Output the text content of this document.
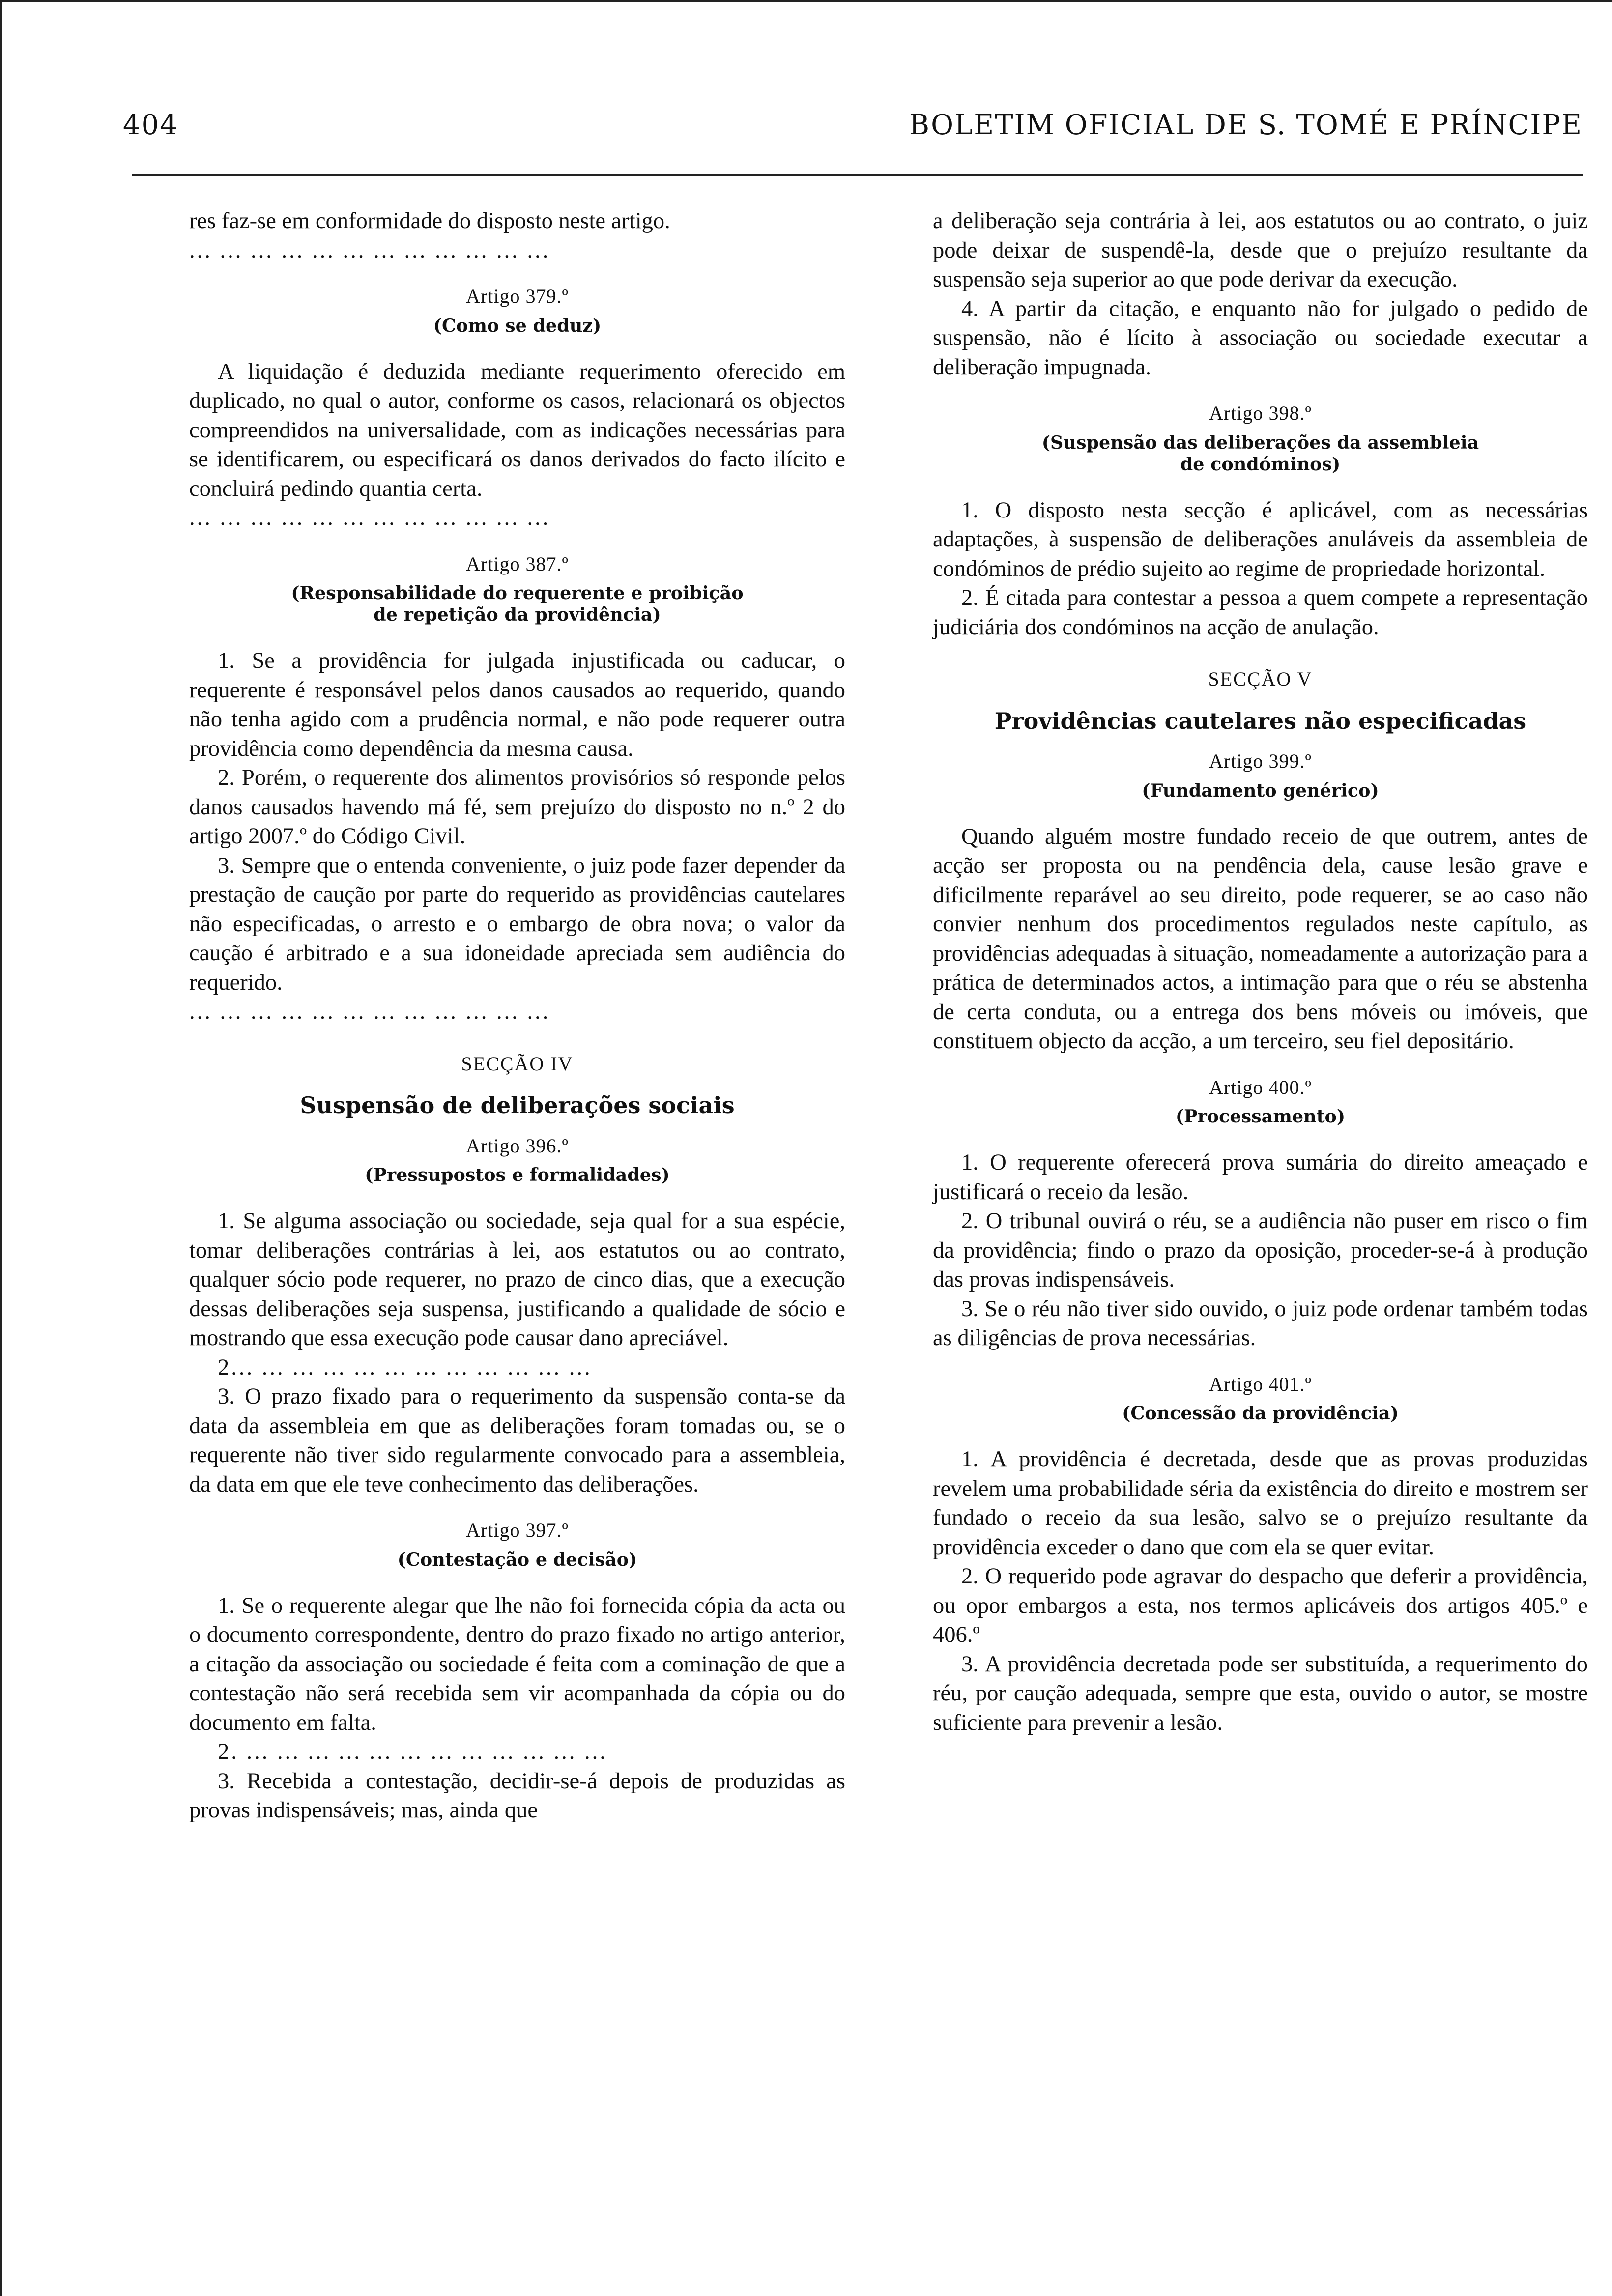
404	BOLETIM OFICIAL DE S. TOMÉ E PRÍNCIPE

res faz-se em conformidade do disposto neste artigo.

... ... ... ... ... ... ... ... ... ... ... ...

Artigo 379.º
(Como se deduz)

A liquidação é deduzida mediante requerimento oferecido em duplicado, no qual o autor, conforme os casos, relacionará os objectos compreendidos na universalidade, com as indicações necessárias para se identificarem, ou especificará os danos derivados do facto ilícito e concluirá pedindo quantia certa.

... ... ... ... ... ... ... ... ... ... ... ...

Artigo 387.º
(Responsabilidade do requerente e proibição
de repetição da providência)

1. Se a providência for julgada injustificada ou caducar, o requerente é responsável pelos danos causados ao requerido, quando não tenha agido com a prudência normal, e não pode requerer outra providência como dependência da mesma causa.

2. Porém, o requerente dos alimentos provisórios só responde pelos danos causados havendo má fé, sem prejuízo do disposto no n.º 2 do artigo 2007.º do Código Civil.

3. Sempre que o entenda conveniente, o juiz pode fazer depender da prestação de caução por parte do requerido as providências cautelares não especificadas, o arresto e o embargo de obra nova; o valor da caução é arbitrado e a sua idoneidade apreciada sem audiência do requerido.

... ... ... ... ... ... ... ... ... ... ... ...

SECÇÃO IV
Suspensão de deliberações sociais
Artigo 396.º
(Pressupostos e formalidades)

1. Se alguma associação ou sociedade, seja qual for a sua espécie, tomar deliberações contrárias à lei, aos estatutos ou ao contrato, qualquer sócio pode requerer, no prazo de cinco dias, que a execução dessas deliberações seja suspensa, justificando a qualidade de sócio e mostrando que essa execução pode causar dano apreciável.

2... ... ... ... ... ... ... ... ... ... ... ...

3. O prazo fixado para o requerimento da suspensão conta-se da data da assembleia em que as deliberações foram tomadas ou, se o requerente não tiver sido regularmente convocado para a assembleia, da data em que ele teve conhecimento das deliberações.

Artigo 397.º
(Contestação e decisão)

1. Se o requerente alegar que lhe não foi fornecida cópia da acta ou o documento correspondente, dentro do prazo fixado no artigo anterior, a citação da associação ou sociedade é feita com a cominação de que a contestação não será recebida sem vir acompanhada da cópia ou do documento em falta.

2. ... ... ... ... ... ... ... ... ... ... ... ...

3. Recebida a contestação, decidir-se-á depois de produzidas as provas indispensáveis; mas, ainda que

a deliberação seja contrária à lei, aos estatutos ou ao contrato, o juiz pode deixar de suspendê-la, desde que o prejuízo resultante da suspensão seja superior ao que pode derivar da execução.

4. A partir da citação, e enquanto não for julgado o pedido de suspensão, não é lícito à associação ou sociedade executar a deliberação impugnada.

Artigo 398.º
(Suspensão das deliberações da assembleia
de condóminos)

1. O disposto nesta secção é aplicável, com as necessárias adaptações, à suspensão de deliberações anuláveis da assembleia de condóminos de prédio sujeito ao regime de propriedade horizontal.

2. É citada para contestar a pessoa a quem compete a representação judiciária dos condóminos na acção de anulação.

SECÇÃO V
Providências cautelares não especificadas
Artigo 399.º
(Fundamento genérico)

Quando alguém mostre fundado receio de que outrem, antes de acção ser proposta ou na pendência dela, cause lesão grave e dificilmente reparável ao seu direito, pode requerer, se ao caso não convier nenhum dos procedimentos regulados neste capítulo, as providências adequadas à situação, nomeadamente a autorização para a prática de determinados actos, a intimação para que o réu se abstenha de certa conduta, ou a entrega dos bens móveis ou imóveis, que constituem objecto da acção, a um terceiro, seu fiel depositário.

Artigo 400.º
(Processamento)

1. O requerente oferecerá prova sumária do direito ameaçado e justificará o receio da lesão.

2. O tribunal ouvirá o réu, se a audiência não puser em risco o fim da providência; findo o prazo da oposição, proceder-se-á à produção das provas indispensáveis.

3. Se o réu não tiver sido ouvido, o juiz pode ordenar também todas as diligências de prova necessárias.

Artigo 401.º
(Concessão da providência)

1. A providência é decretada, desde que as provas produzidas revelem uma probabilidade séria da existência do direito e mostrem ser fundado o receio da sua lesão, salvo se o prejuízo resultante da providência exceder o dano que com ela se quer evitar.

2. O requerido pode agravar do despacho que deferir a providência, ou opor embargos a esta, nos termos aplicáveis dos artigos 405.º e 406.º

3. A providência decretada pode ser substituída, a requerimento do réu, por caução adequada, sempre que esta, ouvido o autor, se mostre suficiente para prevenir a lesão.
